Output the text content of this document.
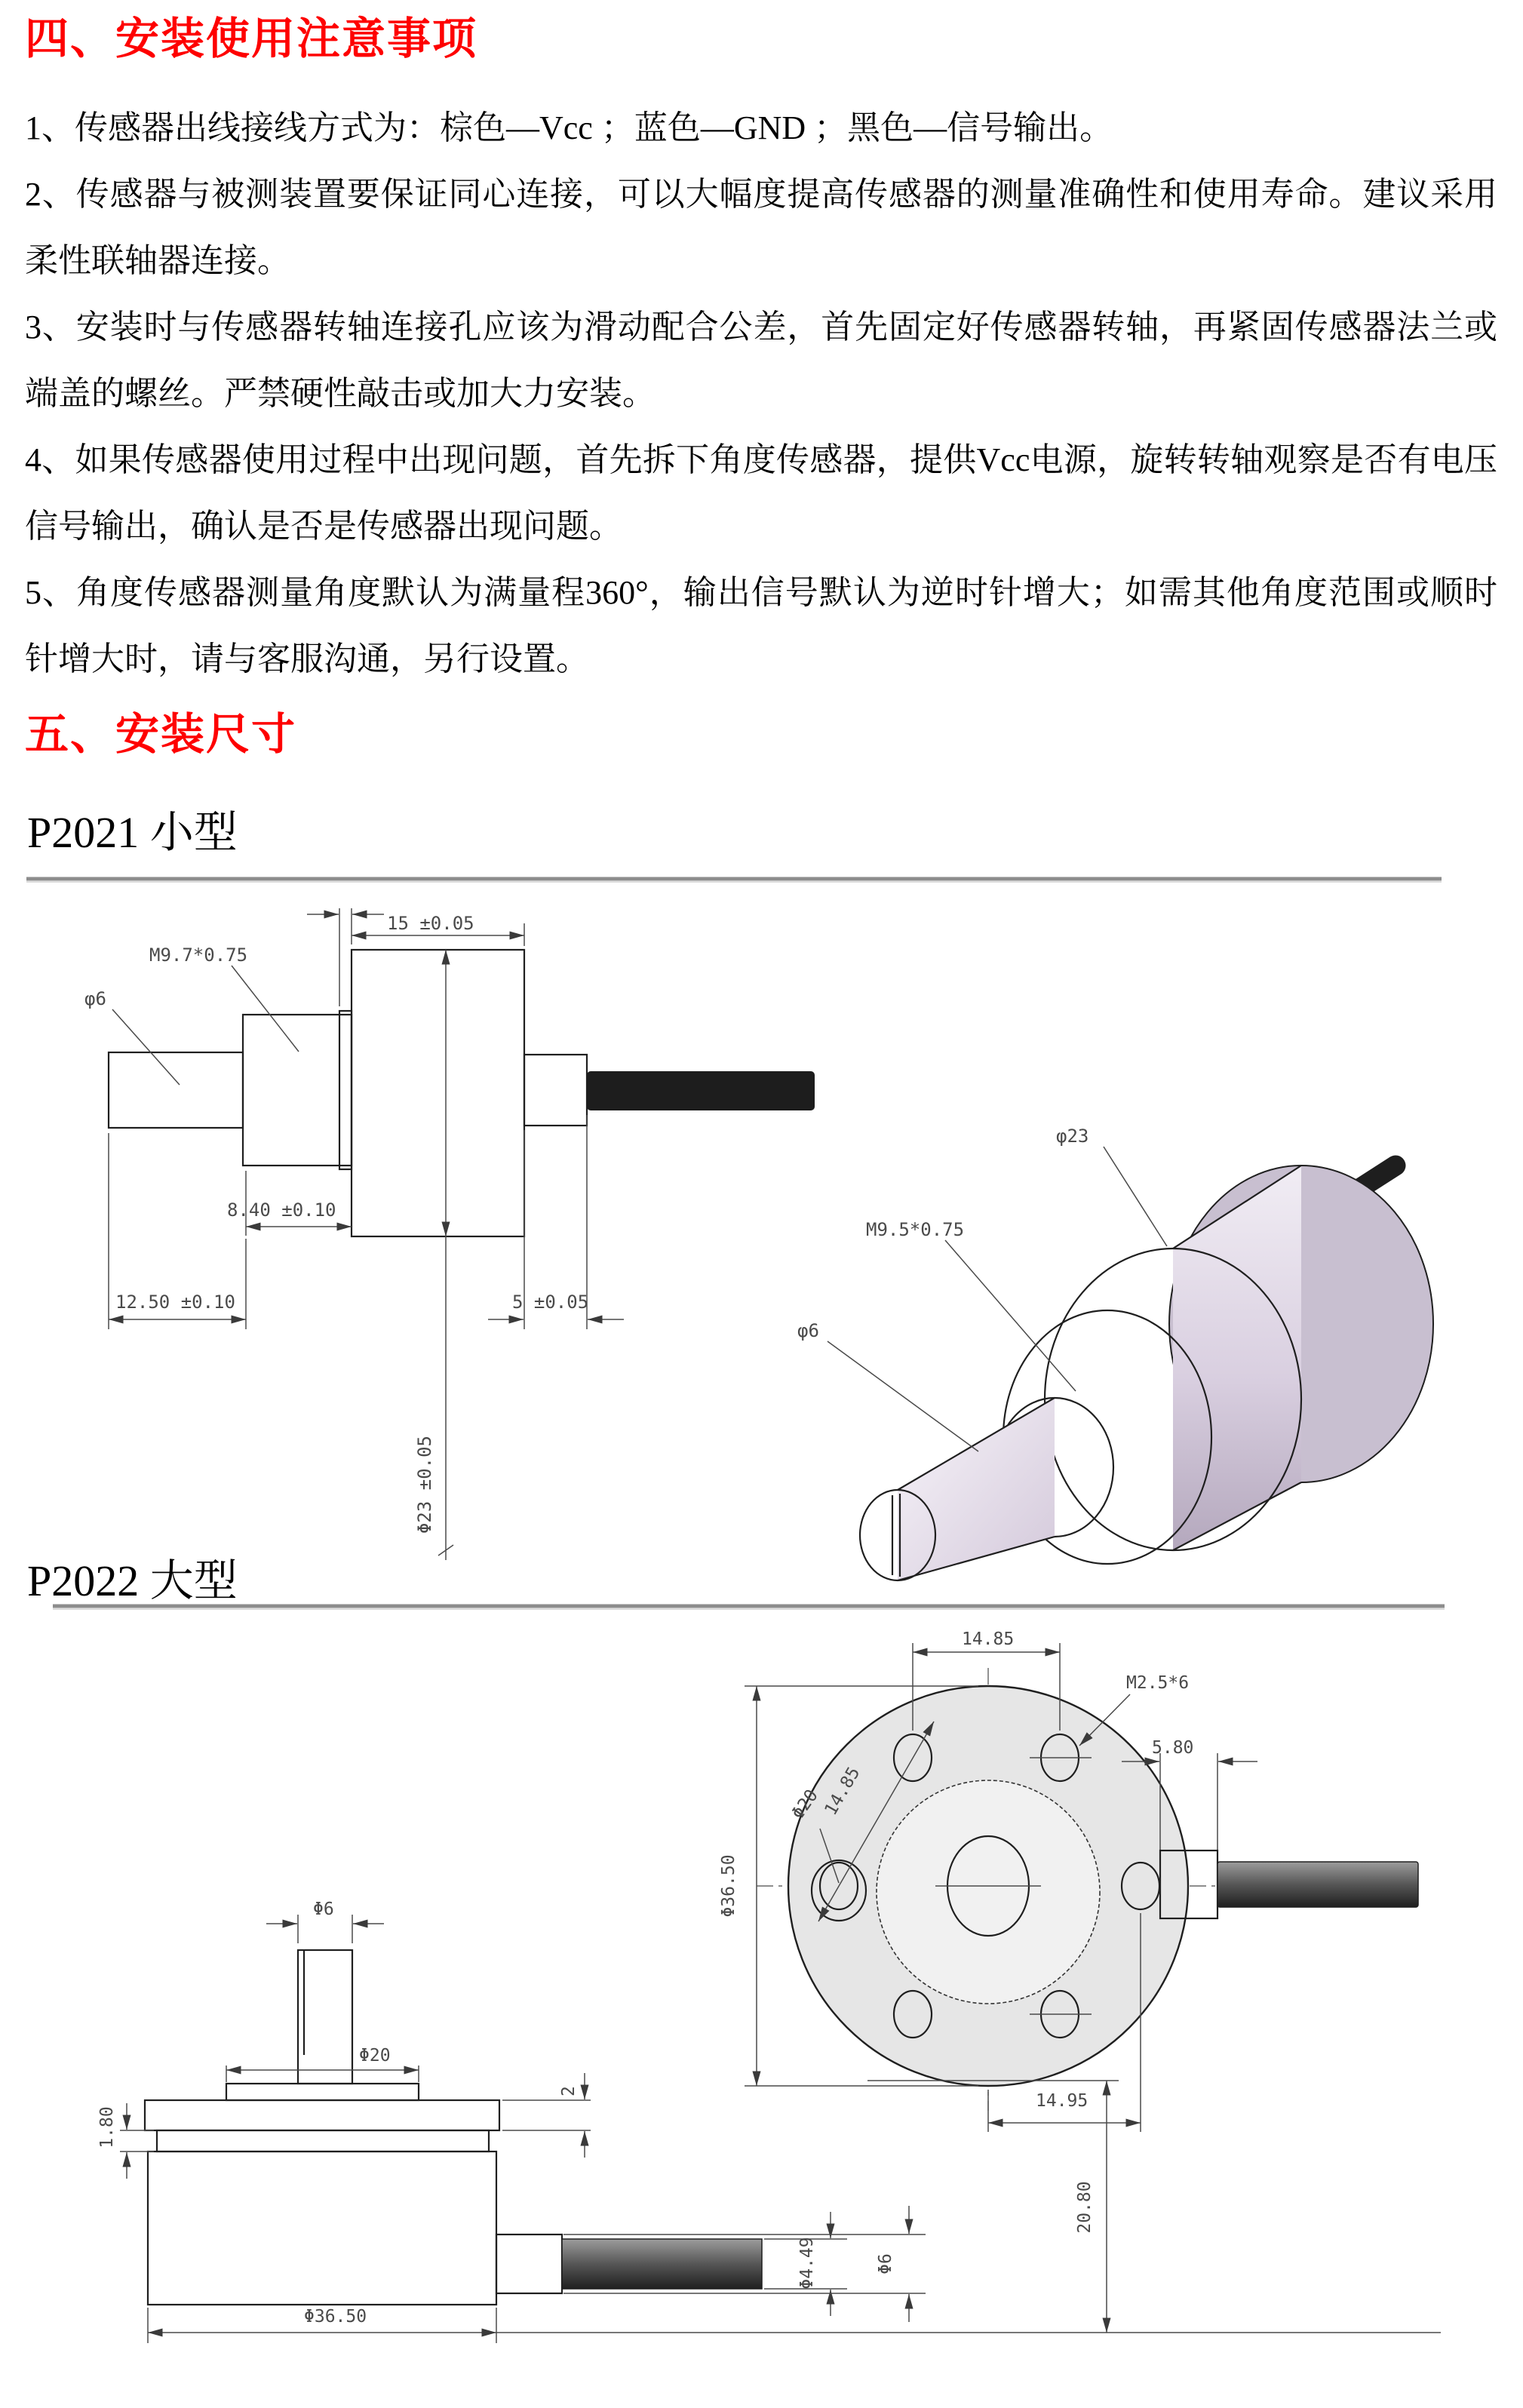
四、安装使用注意事项

1、传感器出线接线方式为：棕色—Vcc ；蓝色—GND ；黑色—信号输出。

2、传感器与被测装置要保证同心连接，可以大幅度提高传感器的测量准确性和使用寿命。建议采用柔性联轴器连接。

3、安装时与传感器转轴连接孔应该为滑动配合公差，首先固定好传感器转轴，再紧固传感器法兰或端盖的螺丝。严禁硬性敲击或加大力安装。

4、如果传感器使用过程中出现问题，首先拆下角度传感器，提供Vcc电源，旋转转轴观察是否有电压信号输出，确认是否是传感器出现问题。

5、角度传感器测量角度默认为满量程360°，输出信号默认为逆时针增大；如需其他角度范围或顺时针增大时，请与客服沟通，另行设置。

五、安装尺寸
P2021 小型
Φ23 ±0.05
15 ±0.05
M9.7*0.75
φ6
8.40 ±0.10
12.50 ±0.10	5 ±0.05
φ23
M9.5*0.75
φ6
P2022 大型
14.85
M2.5*6
14.85
Φ36.50
Φ20
5.80
14.95
Φ6
Φ20
2
1.80
Φ36.50
Φ4.49	Φ6
20.80
